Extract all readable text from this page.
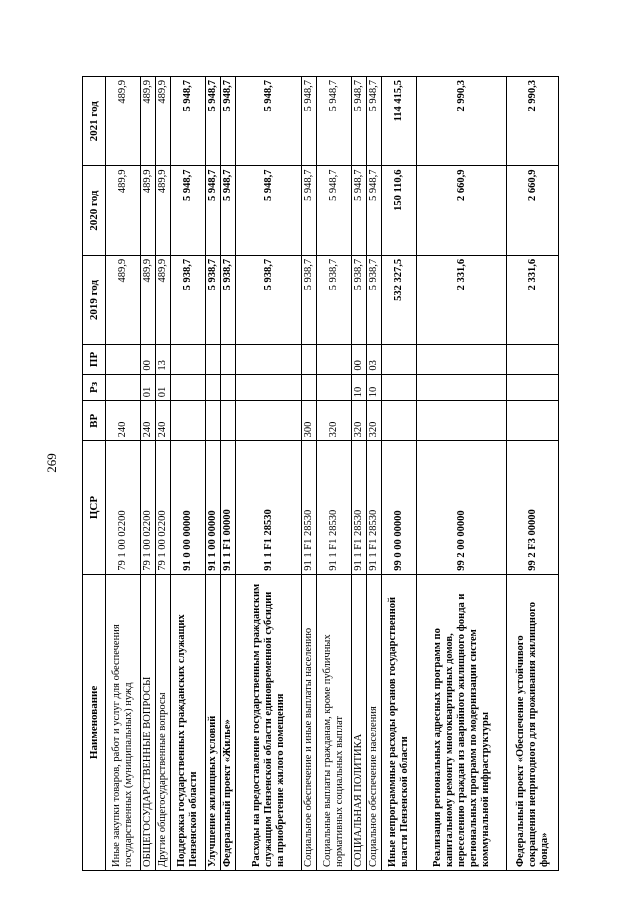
269
Наименование	ЦСР	ВР	Рз	ПР	2019 год	2020 год	2021 год
Иные закупки товаров, работ и услуг для обеспечения государственных (муниципальных) нужд	79 1 00 02200	240			489,9	489,9	489,9
ОБЩЕГОСУДАРСТВЕННЫЕ ВОПРОСЫ	79 1 00 02200	240	01	00	489,9	489,9	489,9
Другие общегосударственные вопросы	79 1 00 02200	240	01	13	489,9	489,9	489,9
Поддержка государственных гражданских служащих Пензенской области	91 0 00 00000				5 938,7	5 948,7	5 948,7
Улучшение жилищных условий	91 1 00 00000				5 938,7	5 948,7	5 948,7
Федеральный проект «Жилье»	91 1 F1 00000				5 938,7	5 948,7	5 948,7
Расходы на предоставление государственным гражданским служащим Пензенской области единовременной субсидии на приобретение жилого помещения	91 1 F1 28530				5 938,7	5 948,7	5 948,7
Социальное обеспечение и иные выплаты населению	91 1 F1 28530	300			5 938,7	5 948,7	5 948,7
Социальные выплаты гражданам, кроме публичных нормативных социальных выплат	91 1 F1 28530	320			5 938,7	5 948,7	5 948,7
СОЦИАЛЬНАЯ ПОЛИТИКА	91 1 F1 28530	320	10	00	5 938,7	5 948,7	5 948,7
Социальное обеспечение населения	91 1 F1 28530	320	10	03	5 938,7	5 948,7	5 948,7
Иные непрограммные расходы органов государственной власти Пензенской области	99 0 00 00000				532 327,5	150 110,6	114 415,5
Реализация региональных адресных программ по капитальному ремонту многоквартирных домов, переселению граждан из аварийного жилищного фонда и региональных программ по модернизации систем коммунальной инфраструктуры	99 2 00 00000				2 331,6	2 660,9	2 990,3
Федеральный проект «Обеспечение устойчивого сокращения непригодного для проживания жилищного фонда»	99 2 F3 00000				2 331,6	2 660,9	2 990,3
